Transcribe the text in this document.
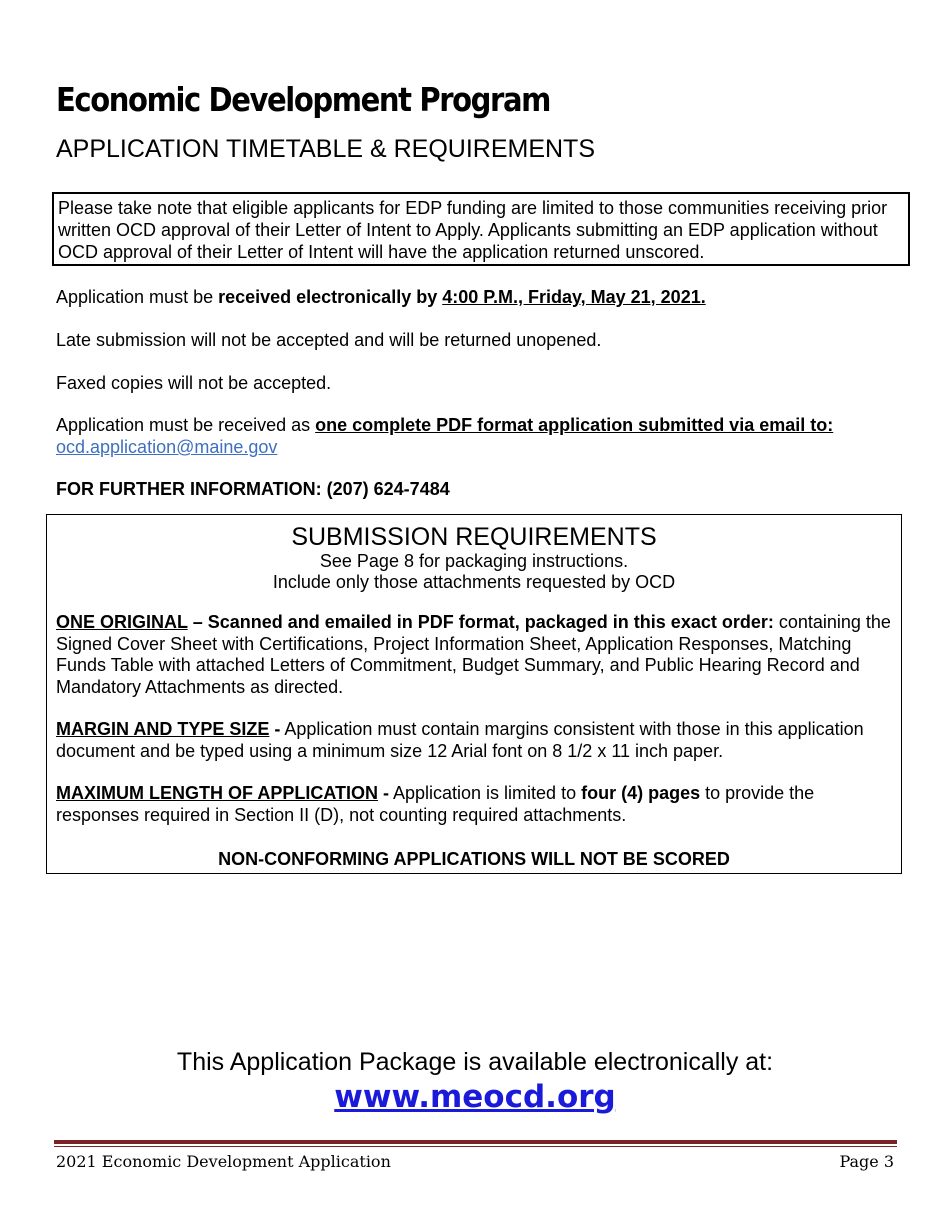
Economic Development Program
APPLICATION TIMETABLE & REQUIREMENTS
Please take note that eligible applicants for EDP funding are limited to those communities receiving prior written OCD approval of their Letter of Intent to Apply. Applicants submitting an EDP application without OCD approval of their Letter of Intent will have the application returned unscored.

Application must be received electronically by 4:00 P.M., Friday, May 21, 2021.

Late submission will not be accepted and will be returned unopened.

Faxed copies will not be accepted.

Application must be received as one complete PDF format application submitted via email to:
ocd.application@maine.gov

FOR FURTHER INFORMATION: (207) 624-7484

SUBMISSION REQUIREMENTS
See Page 8 for packaging instructions.
Include only those attachments requested by OCD

ONE ORIGINAL – Scanned and emailed in PDF format, packaged in this exact order: containing the Signed Cover Sheet with Certifications, Project Information Sheet, Application Responses, Matching Funds Table with attached Letters of Commitment, Budget Summary, and Public Hearing Record and Mandatory Attachments as directed.

MARGIN AND TYPE SIZE - Application must contain margins consistent with those in this application document and be typed using a minimum size 12 Arial font on 8 1/2 x 11 inch paper.

MAXIMUM LENGTH OF APPLICATION - Application is limited to four (4) pages to provide the responses required in Section II (D), not counting required attachments.

NON-CONFORMING APPLICATIONS WILL NOT BE SCORED
This Application Package is available electronically at:
www.meocd.org
2021 Economic Development Application	Page 3
